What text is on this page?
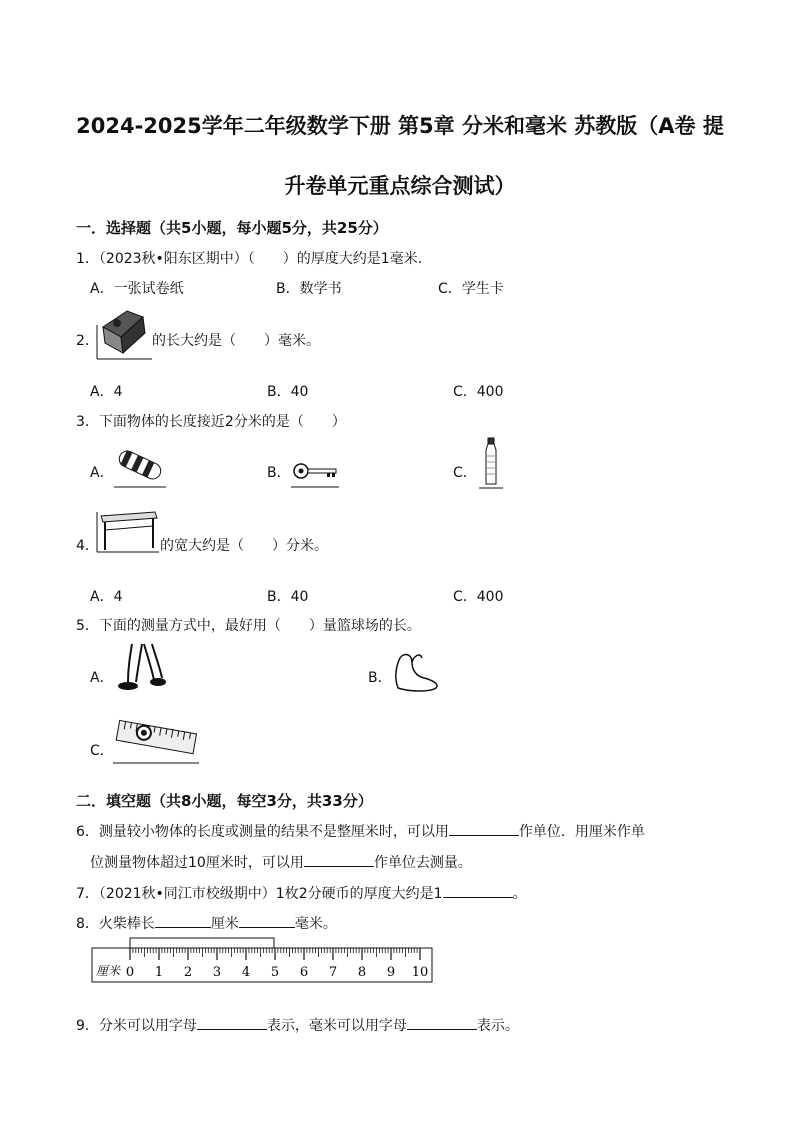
2024-2025学年二年级数学下册 第5章 分米和毫米 苏教版（A卷 提
升卷单元重点综合测试）
一．选择题（共5小题，每小题5分，共25分）
1．（2023秋•阳东区期中）（　　）的厚度大约是1毫米．
A．一张试卷纸	B．数学书	C．学生卡
2．	的长大约是（　　）毫米。
A．4	B．40	C．400
3．下面物体的长度接近2分米的是（　　）
A．	B．	C．
4．	的宽大约是（　　）分米。
A．4	B．40	C．400
5．下面的测量方式中，最好用（　　）量篮球场的长。
A．	B．
C．
二．填空题（共8小题，每空3分，共33分）
6．测量较小物体的长度或测量的结果不是整厘米时，可以用	作单位．用厘米作单
位测量物体超过10厘米时，可以用	作单位去测量。
7．（2021秋•同江市校级期中）1枚2分硬币的厚度大约是1	。
8．火柴棒长	厘米	毫米。
厘米 0 1 2 3 4 5 6 7 8 9 10
9．分米可以用字母	表示，毫米可以用字母	表示。
